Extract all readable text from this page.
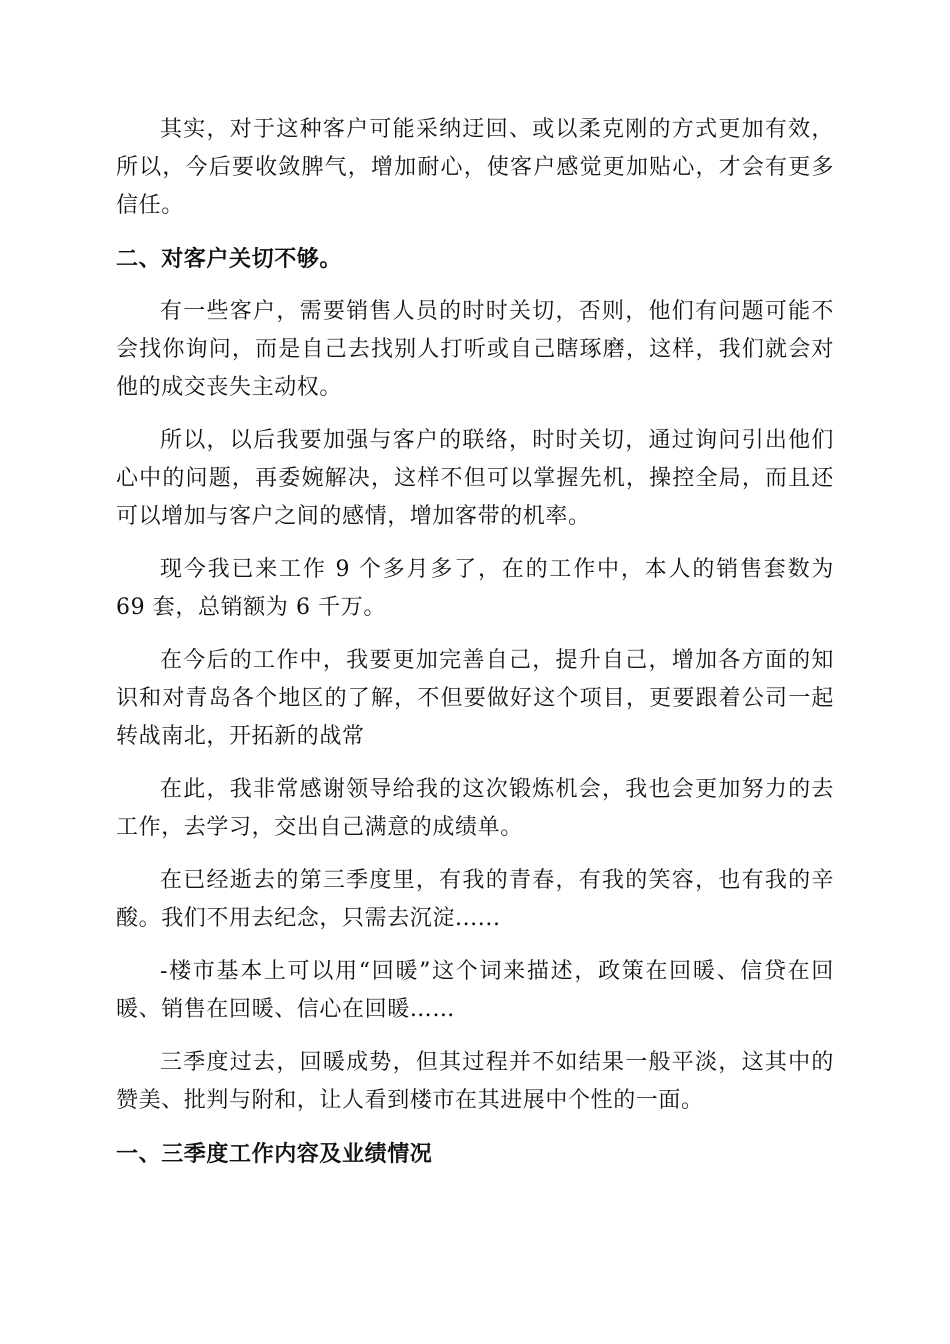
其实，对于这种客户可能采纳迂回、或以柔克刚的方式更加有效，所以，今后要收敛脾气，增加耐心，使客户感觉更加贴心，才会有更多信任。

二、对客户关切不够。

有一些客户，需要销售人员的时时关切，否则，他们有问题可能不会找你询问，而是自己去找别人打听或自己瞎琢磨，这样，我们就会对他的成交丧失主动权。

所以，以后我要加强与客户的联络，时时关切，通过询问引出他们心中的问题，再委婉解决，这样不但可以掌握先机，操控全局，而且还可以增加与客户之间的感情，增加客带的机率。

现今我已来工作 9 个多月多了，在的工作中，本人的销售套数为 69 套，总销额为 6 千万。

在今后的工作中，我要更加完善自己，提升自己，增加各方面的知识和对青岛各个地区的了解，不但要做好这个项目，更要跟着公司一起转战南北，开拓新的战常

在此，我非常感谢领导给我的这次锻炼机会，我也会更加努力的去工作，去学习，交出自己满意的成绩单。

在已经逝去的第三季度里，有我的青春，有我的笑容，也有我的辛酸。我们不用去纪念，只需去沉淀......

-楼市基本上可以用“回暖”这个词来描述，政策在回暖、信贷在回暖、销售在回暖、信心在回暖……

三季度过去，回暖成势，但其过程并不如结果一般平淡，这其中的赞美、批判与附和，让人看到楼市在其进展中个性的一面。

一、三季度工作内容及业绩情况
